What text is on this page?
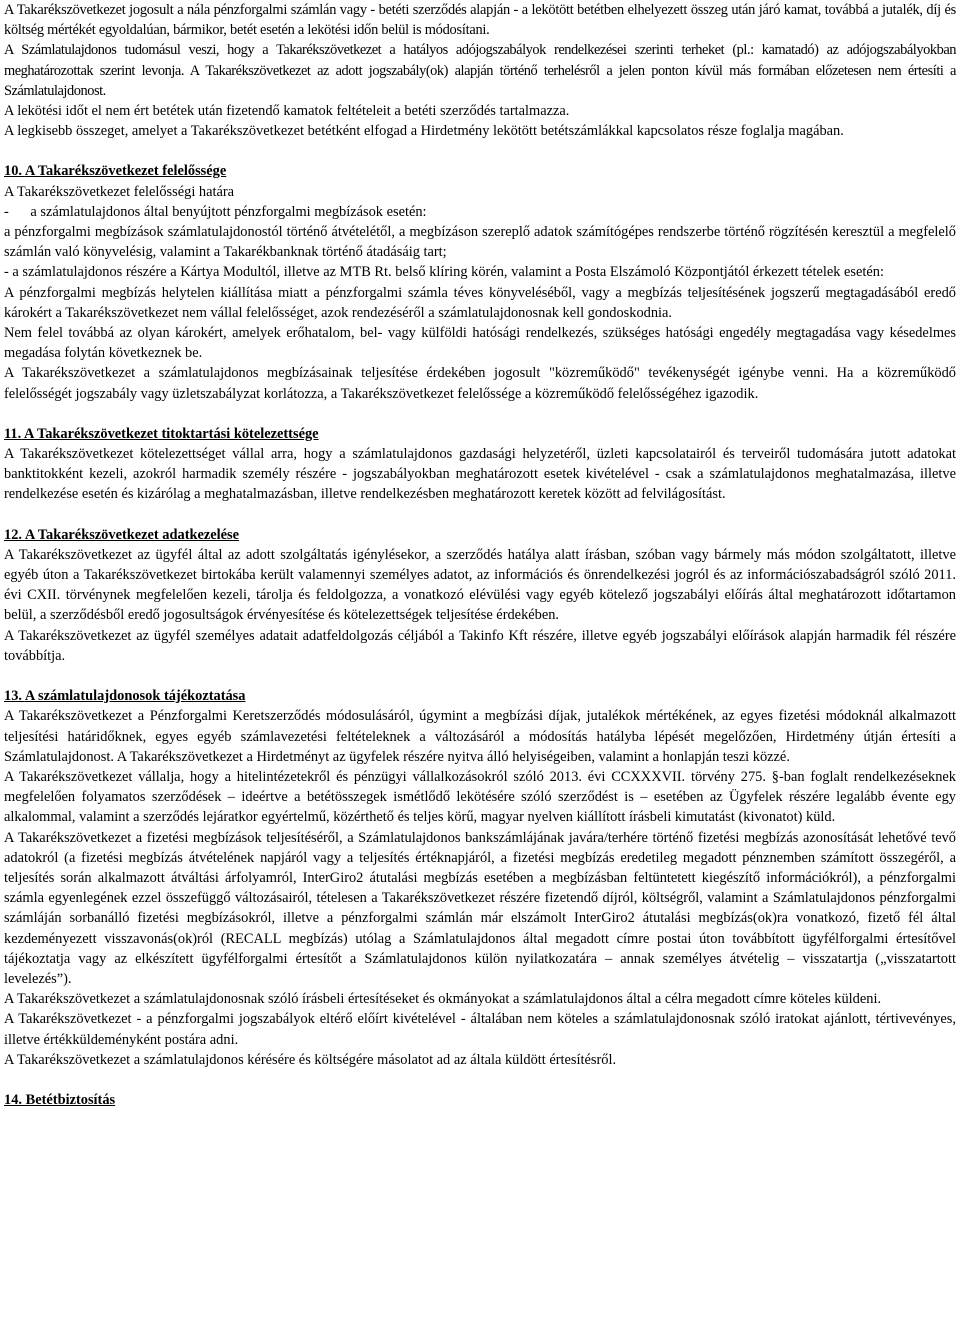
A Takarékszövetkezet jogosult a nála pénzforgalmi számlán vagy - betéti szerződés alapján - a lekötött betétben elhelyezett összeg után járó kamat, továbbá a jutalék, díj és költség mértékét egyoldalúan, bármikor, betét esetén a lekötési időn belül is módosítani.

A Számlatulajdonos tudomásul veszi, hogy a Takarékszövetkezet a hatályos adójogszabályok rendelkezései szerinti terheket (pl.: kamatadó) az adójogszabályokban meghatározottak szerint levonja. A Takarékszövetkezet az adott jogszabály(ok) alapján történő terhelésről a jelen ponton kívül más formában előzetesen nem értesíti a Számlatulajdonost.

A lekötési időt el nem ért betétek után fizetendő kamatok feltételeit a betéti szerződés tartalmazza.

A legkisebb összeget, amelyet a Takarékszövetkezet betétként elfogad a Hirdetmény lekötött betétszámlákkal kapcsolatos része foglalja magában.

10. A Takarékszövetkezet felelőssége

A Takarékszövetkezet felelősségi határa

-      a számlatulajdonos által benyújtott pénzforgalmi megbízások esetén:

a pénzforgalmi megbízások számlatulajdonostól történő átvételétől, a megbízáson szereplő adatok számítógépes rendszerbe történő rögzítésén keresztül a megfelelő számlán való könyvelésig, valamint a Takarékbanknak történő átadásáig tart;

- a számlatulajdonos részére a Kártya Modultól, illetve az MTB Rt. belső klíring körén, valamint a Posta Elszámoló Központjától érkezett tételek esetén:

A pénzforgalmi megbízás helytelen kiállítása miatt a pénzforgalmi számla téves könyveléséből, vagy a megbízás teljesítésének jogszerű megtagadásából eredő károkért a Takarékszövetkezet nem vállal felelősséget, azok rendezéséről a számlatulajdonosnak kell gondoskodnia.

Nem felel továbbá az olyan károkért, amelyek erőhatalom, bel- vagy külföldi hatósági rendelkezés, szükséges hatósági engedély megtagadása vagy késedelmes megadása folytán következnek be.

A Takarékszövetkezet a számlatulajdonos megbízásainak teljesítése érdekében jogosult "közreműködő" tevékenységét igénybe venni. Ha a közreműködő felelősségét jogszabály vagy üzletszabályzat korlátozza, a Takarékszövetkezet felelőssége a közreműködő felelősségéhez igazodik.

11. A Takarékszövetkezet titoktartási kötelezettsége

A Takarékszövetkezet kötelezettséget vállal arra, hogy a számlatulajdonos gazdasági helyzetéről, üzleti kapcsolatairól és terveiről tudomására jutott adatokat banktitokként kezeli, azokról harmadik személy részére - jogszabályokban meghatározott esetek kivételével - csak a számlatulajdonos meghatalmazása, illetve rendelkezése esetén és kizárólag a meghatalmazásban, illetve rendelkezésben meghatározott keretek között ad felvilágosítást.

12. A Takarékszövetkezet adatkezelése

A Takarékszövetkezet az ügyfél által az adott szolgáltatás igénylésekor, a szerződés hatálya alatt írásban, szóban vagy bármely más módon szolgáltatott, illetve egyéb úton a Takarékszövetkezet birtokába került valamennyi személyes adatot, az információs és önrendelkezési jogról és az információszabadságról szóló 2011. évi CXII. törvénynek megfelelően kezeli, tárolja és feldolgozza, a vonatkozó elévülési vagy egyéb kötelező jogszabályi előírás által meghatározott időtartamon belül, a szerződésből eredő jogosultságok érvényesítése és kötelezettségek teljesítése érdekében.

A Takarékszövetkezet az ügyfél személyes adatait adatfeldolgozás céljából a Takinfo Kft részére, illetve egyéb jogszabályi előírások alapján harmadik fél részére továbbítja.

13. A számlatulajdonosok tájékoztatása

A Takarékszövetkezet a Pénzforgalmi Keretszerződés módosulásáról, úgymint a megbízási díjak, jutalékok mértékének, az egyes fizetési módoknál alkalmazott teljesítési határidőknek, egyes egyéb számlavezetési feltételeknek a változásáról a módosítás hatályba lépését megelőzően, Hirdetmény útján értesíti a Számlatulajdonost. A Takarékszövetkezet a Hirdetményt az ügyfelek részére nyitva álló helyiségeiben, valamint a honlapján teszi közzé.

A Takarékszövetkezet vállalja, hogy a hitelintézetekről és pénzügyi vállalkozásokról szóló 2013. évi CCXXXVII. törvény 275. §-ban foglalt rendelkezéseknek megfelelően folyamatos szerződések – ideértve a betétösszegek ismétlődő lekötésére szóló szerződést is – esetében az Ügyfelek részére legalább évente egy alkalommal, valamint a szerződés lejáratkor egyértelmű, közérthető és teljes körű, magyar nyelven kiállított írásbeli kimutatást (kivonatot) küld.

A Takarékszövetkezet a fizetési megbízások teljesítéséről, a Számlatulajdonos bankszámlájának javára/terhére történő fizetési megbízás azonosítását lehetővé tevő adatokról (a fizetési megbízás átvételének napjáról vagy a teljesítés értéknapjáról, a fizetési megbízás eredetileg megadott pénznemben számított összegéről, a teljesítés során alkalmazott átváltási árfolyamról, InterGiro2 átutalási megbízás esetében a megbízásban feltüntetett kiegészítő információkról), a pénzforgalmi számla egyenlegének ezzel összefüggő változásairól, tételesen a Takarékszövetkezet részére fizetendő díjról, költségről, valamint a Számlatulajdonos pénzforgalmi számláján sorbanálló fizetési megbízásokról, illetve a pénzforgalmi számlán már elszámolt InterGiro2 átutalási megbízás(ok)ra vonatkozó, fizető fél által kezdeményezett visszavonás(ok)ról (RECALL megbízás) utólag a Számlatulajdonos által megadott címre postai úton továbbított ügyfélforgalmi értesítővel tájékoztatja vagy az elkészített ügyfélforgalmi értesítőt a Számlatulajdonos külön nyilatkozatára – annak személyes átvételig – visszatartja („visszatartott levelezés”).

A Takarékszövetkezet a számlatulajdonosnak szóló írásbeli értesítéseket és okmányokat a számlatulajdonos által a célra megadott címre köteles küldeni.

A Takarékszövetkezet - a pénzforgalmi jogszabályok eltérő előírt kivételével - általában nem köteles a számlatulajdonosnak szóló iratokat ajánlott, tértivevényes, illetve értékküldeményként postára adni.

A Takarékszövetkezet a számlatulajdonos kérésére és költségére másolatot ad az általa küldött értesítésről.

14. Betétbiztosítás
